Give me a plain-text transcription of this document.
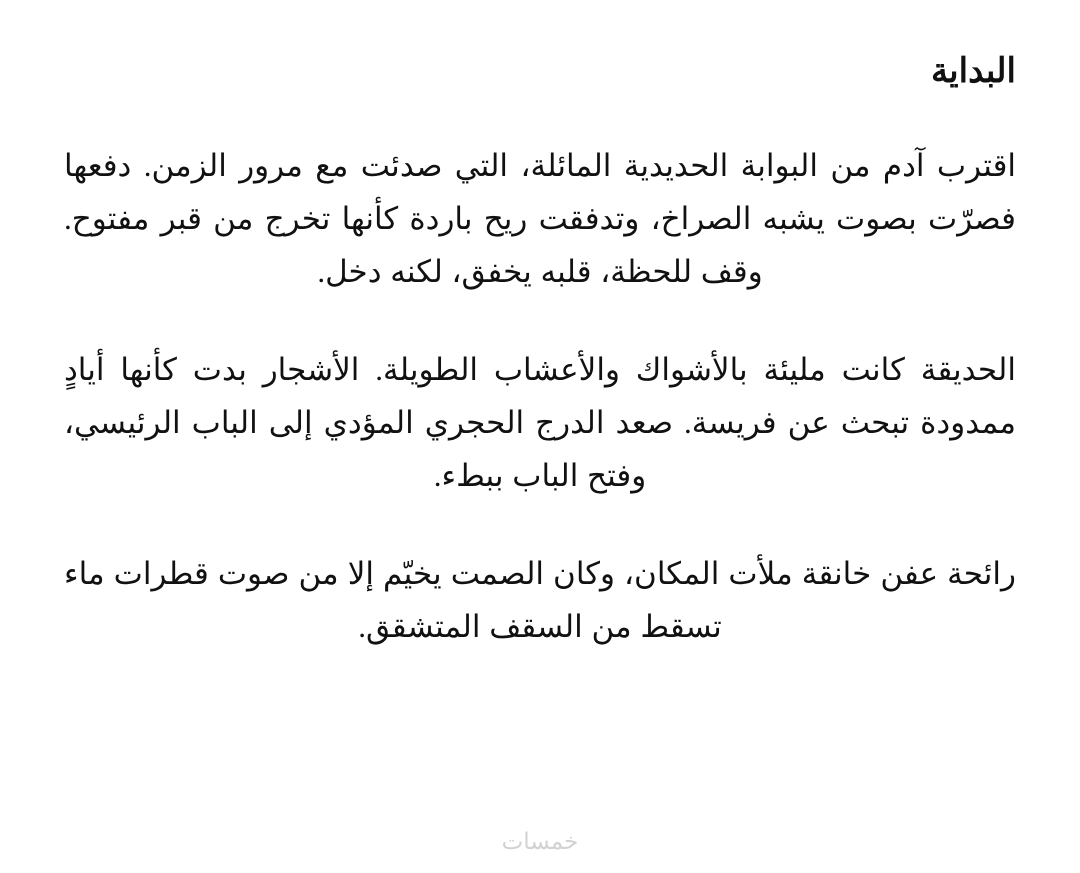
البداية

اقترب آدم من البوابة الحديدية المائلة، التي صدئت مع مرور الزمن. دفعها فصرّت بصوت يشبه الصراخ، وتدفقت ريح باردة كأنها تخرج من قبر مفتوح. وقف للحظة، قلبه يخفق، لكنه دخل.

الحديقة كانت مليئة بالأشواك والأعشاب الطويلة. الأشجار بدت كأنها أيادٍ ممدودة تبحث عن فريسة. صعد الدرج الحجري المؤدي إلى الباب الرئيسي، وفتح الباب ببطء.

رائحة عفن خانقة ملأت المكان، وكان الصمت يخيّم إلا من صوت قطرات ماء تسقط من السقف المتشقق.

خمسات
